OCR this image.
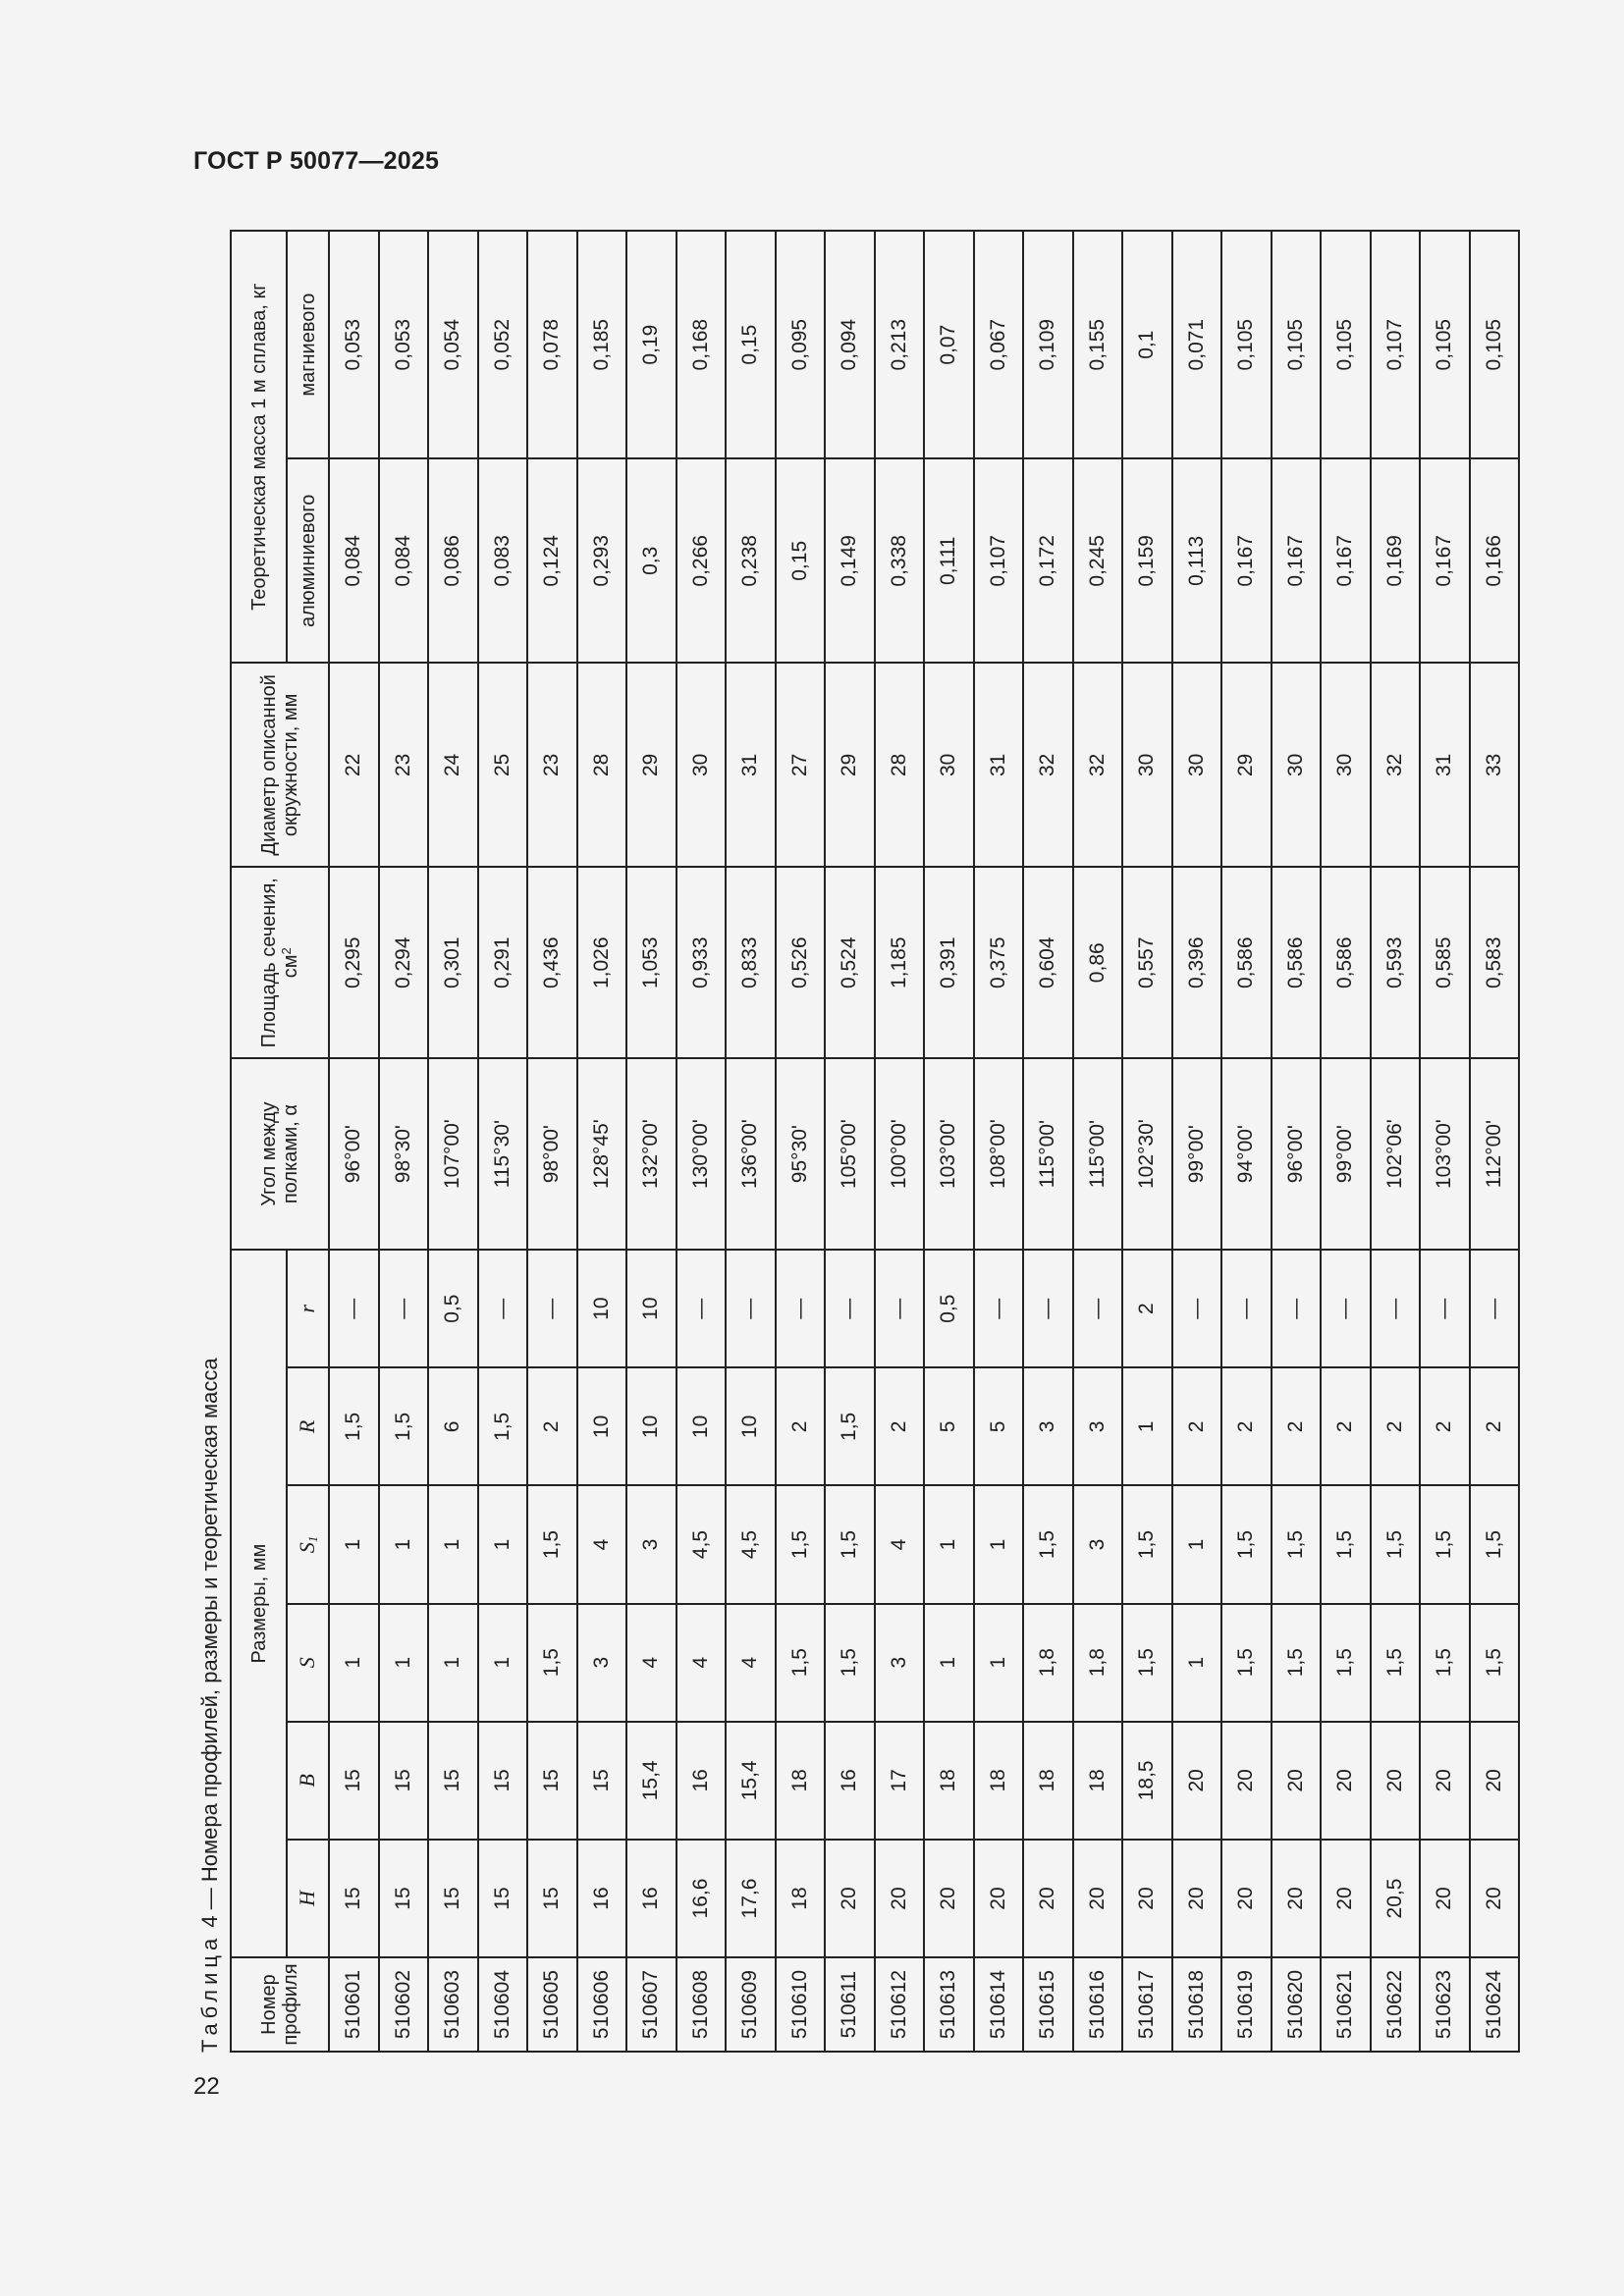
ГОСТ Р 50077—2025
Таблица 4 — Номера профилей, размеры и теоретическая масса
Номер профиля	Размеры, мм						Угол между полками, α	Площадь сечения, $см^2$	Диаметр описанной окружности, мм	Теоретическая масса 1 м сплава, кг	
	H	B	S	$S_1$	R	r				алюминиевого	магниевого
510601	15	15	1	1	1,5	—	96°00'	0,295	22	0,084	0,053
510602	15	15	1	1	1,5	—	98°30'	0,294	23	0,084	0,053
510603	15	15	1	1	6	0,5	107°00'	0,301	24	0,086	0,054
510604	15	15	1	1	1,5	—	115°30'	0,291	25	0,083	0,052
510605	15	15	1,5	1,5	2	—	98°00'	0,436	23	0,124	0,078
510606	16	15	3	4	10	10	128°45'	1,026	28	0,293	0,185
510607	16	15,4	4	3	10	10	132°00'	1,053	29	0,3	0,19
510608	16,6	16	4	4,5	10	—	130°00'	0,933	30	0,266	0,168
510609	17,6	15,4	4	4,5	10	—	136°00'	0,833	31	0,238	0,15
510610	18	18	1,5	1,5	2	—	95°30'	0,526	27	0,15	0,095
510611	20	16	1,5	1,5	1,5	—	105°00'	0,524	29	0,149	0,094
510612	20	17	3	4	2	—	100°00'	1,185	28	0,338	0,213
510613	20	18	1	1	5	0,5	103°00'	0,391	30	0,111	0,07
510614	20	18	1	1	5	—	108°00'	0,375	31	0,107	0,067
510615	20	18	1,8	1,5	3	—	115°00'	0,604	32	0,172	0,109
510616	20	18	1,8	3	3	—	115°00'	0,86	32	0,245	0,155
510617	20	18,5	1,5	1,5	1	2	102°30'	0,557	30	0,159	0,1
510618	20	20	1	1	2	—	99°00'	0,396	30	0,113	0,071
510619	20	20	1,5	1,5	2	—	94°00'	0,586	29	0,167	0,105
510620	20	20	1,5	1,5	2	—	96°00'	0,586	30	0,167	0,105
510621	20	20	1,5	1,5	2	—	99°00'	0,586	30	0,167	0,105
510622	20,5	20	1,5	1,5	2	—	102°06'	0,593	32	0,169	0,107
510623	20	20	1,5	1,5	2	—	103°00'	0,585	31	0,167	0,105
510624	20	20	1,5	1,5	2	—	112°00'	0,583	33	0,166	0,105
22
